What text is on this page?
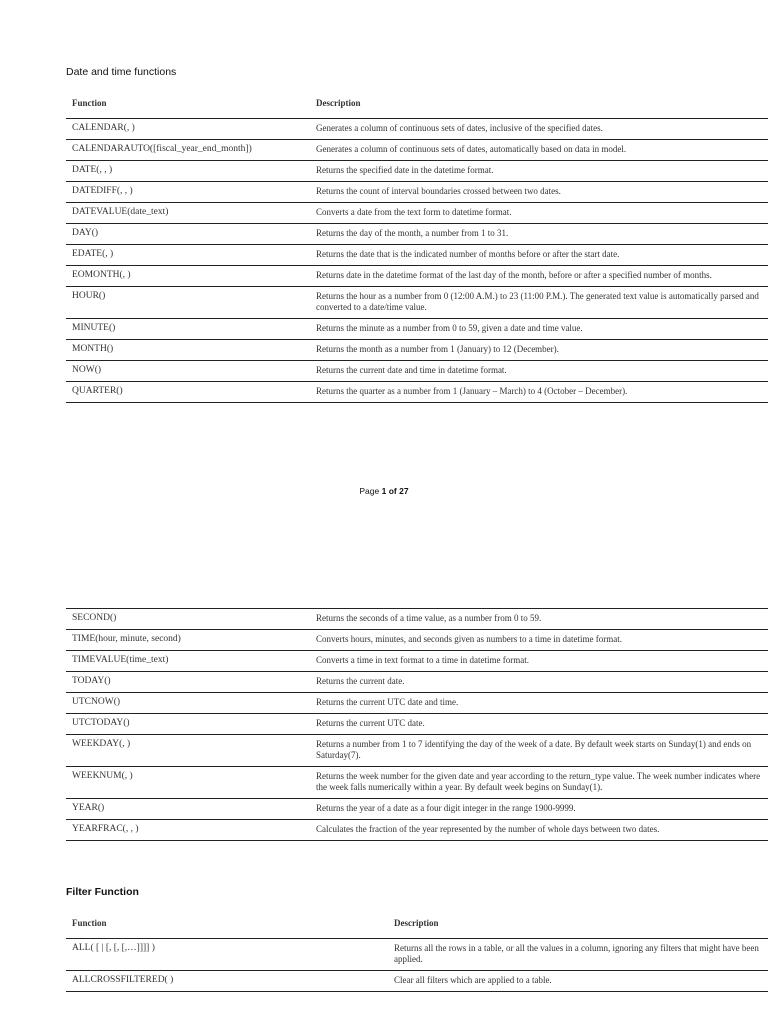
Date and time functions
Function	Description
CALENDAR(, )	Generates a column of continuous sets of dates, inclusive of the specified dates.
CALENDARAUTO([fiscal_year_end_month])	Generates a column of continuous sets of dates, automatically based on data in model.
DATE(, , )	Returns the specified date in the datetime format.
DATEDIFF(, , )	Returns the count of interval boundaries crossed between two dates.
DATEVALUE(date_text)	Converts a date from the text form to datetime format.
DAY()	Returns the day of the month, a number from 1 to 31.
EDATE(, )	Returns the date that is the indicated number of months before or after the start date.
EOMONTH(, )	Returns date in the datetime format of the last day of the month, before or after a specified number of months.
HOUR()	Returns the hour as a number from 0 (12:00 A.M.) to 23 (11:00 P.M.). The generated text value is automatically parsed and converted to a date/time value.
MINUTE()	Returns the minute as a number from 0 to 59, given a date and time value.
MONTH()	Returns the month as a number from 1 (January) to 12 (December).
NOW()	Returns the current date and time in datetime format.
QUARTER()	Returns the quarter as a number from 1 (January – March) to 4 (October – December).
Page 1 of 27
SECOND()	Returns the seconds of a time value, as a number from 0 to 59.
TIME(hour, minute, second)	Converts hours, minutes, and seconds given as numbers to a time in datetime format.
TIMEVALUE(time_text)	Converts a time in text format to a time in datetime format.
TODAY()	Returns the current date.
UTCNOW()	Returns the current UTC date and time.
UTCTODAY()	Returns the current UTC date.
WEEKDAY(, )	Returns a number from 1 to 7 identifying the day of the week of a date. By default week starts on Sunday(1) and ends on Saturday(7).
WEEKNUM(, )	Returns the week number for the given date and year according to the return_type value. The week number indicates where the week falls numerically within a year. By default week begins on Sunday(1).
YEAR()	Returns the year of a date as a four digit integer in the range 1900-9999.
YEARFRAC(, , )	Calculates the fraction of the year represented by the number of whole days between two dates.
Filter Function
Function	Description
ALL( [ | [, [, [,…]]]] )	Returns all the rows in a table, or all the values in a column, ignoring any filters that might have been applied.
ALLCROSSFILTERED( )	Clear all filters which are applied to a table.
